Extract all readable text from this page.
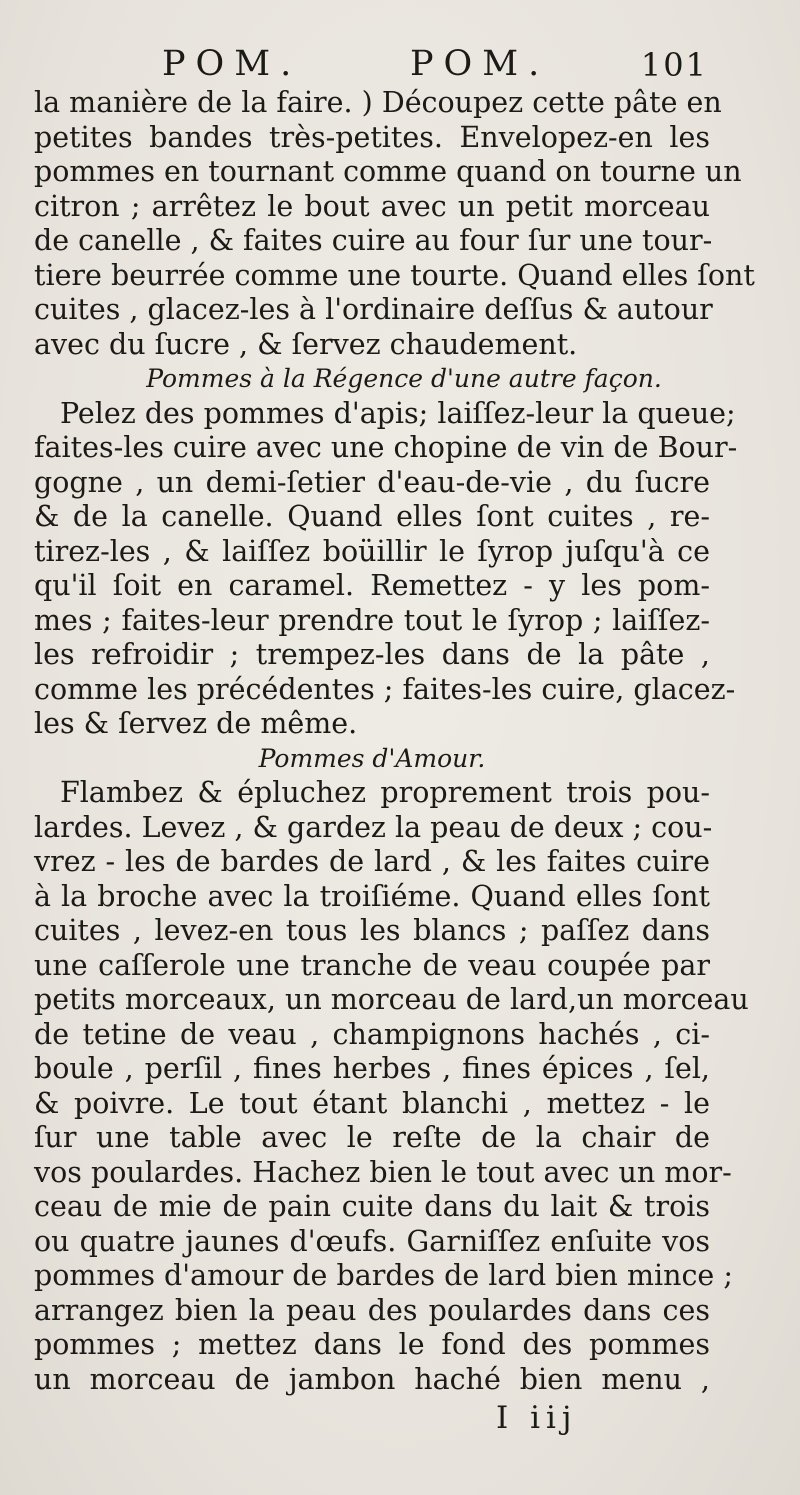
POM.	POM.	101
la manière de la faire. ) Découpez cette pâte en
petites bandes très-petites. Envelopez-en les
pommes en tournant comme quand on tourne un
citron ; arrêtez le bout avec un petit morceau
de canelle , & faites cuire au four ſur une tour-
tiere beurrée comme une tourte. Quand elles ſont
cuites , glacez-les à l'ordinaire deſſus & autour
avec du ſucre , & ſervez chaudement.
Pommes à la Régence d'une autre façon.
Pelez des pommes d'apis; laiſſez-leur la queue;
faites-les cuire avec une chopine de vin de Bour-
gogne , un demi-ſetier d'eau-de-vie , du ſucre
& de la canelle. Quand elles ſont cuites , re-
tirez-les , & laiſſez boüillir le ſyrop juſqu'à ce
qu'il ſoit en caramel. Remettez - y les pom-
mes ; faites-leur prendre tout le ſyrop ; laiſſez-
les refroidir ; trempez-les dans de la pâte ,
comme les précédentes ; faites-les cuire, glacez-
les & ſervez de même.
Pommes d'Amour.
Flambez & épluchez proprement trois pou-
lardes. Levez , & gardez la peau de deux ; cou-
vrez - les de bardes de lard , & les faites cuire
à la broche avec la troiſiéme. Quand elles ſont
cuites , levez-en tous les blancs ; paſſez dans
une caſſerole une tranche de veau coupée par
petits morceaux, un morceau de lard,un morceau
de tetine de veau , champignons hachés , ci-
boule , perſil , fines herbes , fines épices , ſel,
& poivre. Le tout étant blanchi , mettez - le
ſur une table avec le reſte de la chair de
vos poulardes. Hachez bien le tout avec un mor-
ceau de mie de pain cuite dans du lait & trois
ou quatre jaunes d'œufs. Garniſſez enſuite vos
pommes d'amour de bardes de lard bien mince ;
arrangez bien la peau des poulardes dans ces
pommes ; mettez dans le fond des pommes
un morceau de jambon haché bien menu ,
I iij
